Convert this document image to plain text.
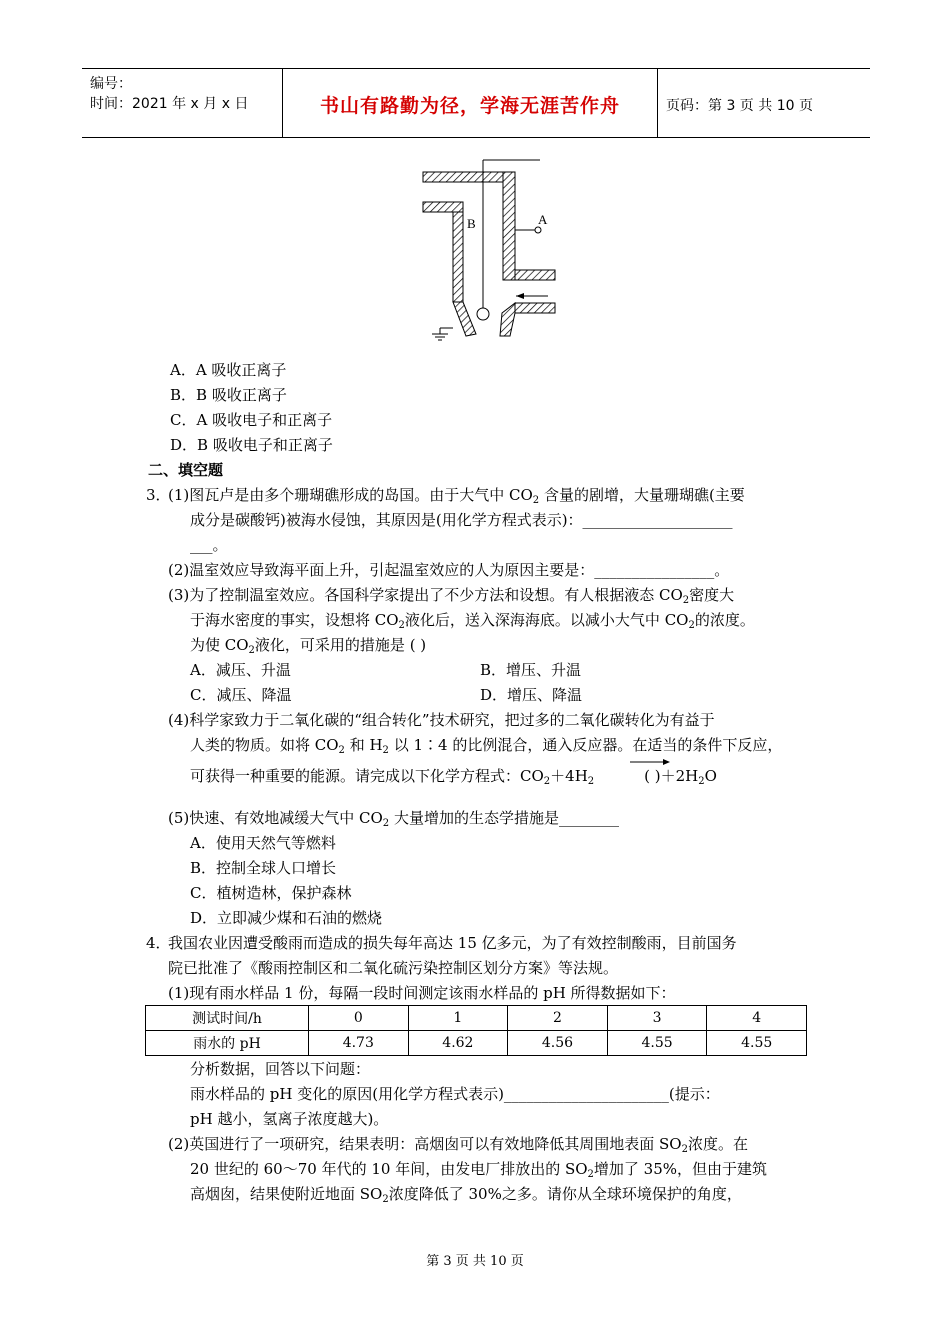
编号：
时间：2021 年 x 月 x 日	书山有路勤为径，学海无涯苦作舟	页码：第 3 页 共 10 页
A
B
A．A 吸收正离子
B．B 吸收正离子
C．A 吸收电子和正离子
D．B 吸收电子和正离子
二、填空题
3．
(1)图瓦卢是由多个珊瑚礁形成的岛国。由于大气中 $CO_2$ 含量的剧增，大量珊瑚礁(主要
成分是碳酸钙)被海水侵蚀，其原因是(用化学方程式表示)：____________________
___。
(2)温室效应导致海平面上升，引起温室效应的人为原因主要是：________________。
(3)为了控制温室效应。各国科学家提出了不少方法和设想。有人根据液态 $CO_2$密度大
于海水密度的事实，设想将 $CO_2$液化后，送入深海海底。以减小大气中 $CO_2$的浓度。
为使 $CO_2$液化，可采用的措施是 ( )
A．减压、升温	B．增压、升温
C．减压、降温	D．增压、降温
(4)科学家致力于二氧化碳的“组合转化”技术研究，把过多的二氧化碳转化为有益于
人类的物质。如将 $CO_2$ 和 $H_2$ 以 1∶4 的比例混合，通入反应器。在适当的条件下反应，
可获得一种重要的能源。请完成以下化学方程式：$CO_2+4H_2$	( )$+2H_2O$
(5)快速、有效地减缓大气中 $CO_2$ 大量增加的生态学措施是________
A．使用天然气等燃料
B．控制全球人口增长
C．植树造林，保护森林
D．立即减少煤和石油的燃烧
4．
我国农业因遭受酸雨而造成的损失每年高达 15 亿多元，为了有效控制酸雨，目前国务
院已批准了《酸雨控制区和二氧化硫污染控制区划分方案》等法规。
(1)现有雨水样品 1 份，每隔一段时间测定该雨水样品的 pH 所得数据如下：
测试时间/h	0	1	2	3	4
雨水的 pH	4.73	4.62	4.56	4.55	4.55
分析数据，回答以下问题：
雨水样品的 pH 变化的原因(用化学方程式表示)______________________(提示：
pH 越小，氢离子浓度越大)。
(2)英国进行了一项研究，结果表明：高烟囱可以有效地降低其周围地表面 $SO_2$浓度。在
20 世纪的 60～70 年代的 10 年间，由发电厂排放出的 $SO_2$增加了 35%，但由于建筑
高烟囱，结果使附近地面 $SO_2$浓度降低了 30%之多。请你从全球环境保护的角度，
第 3 页 共 10 页
